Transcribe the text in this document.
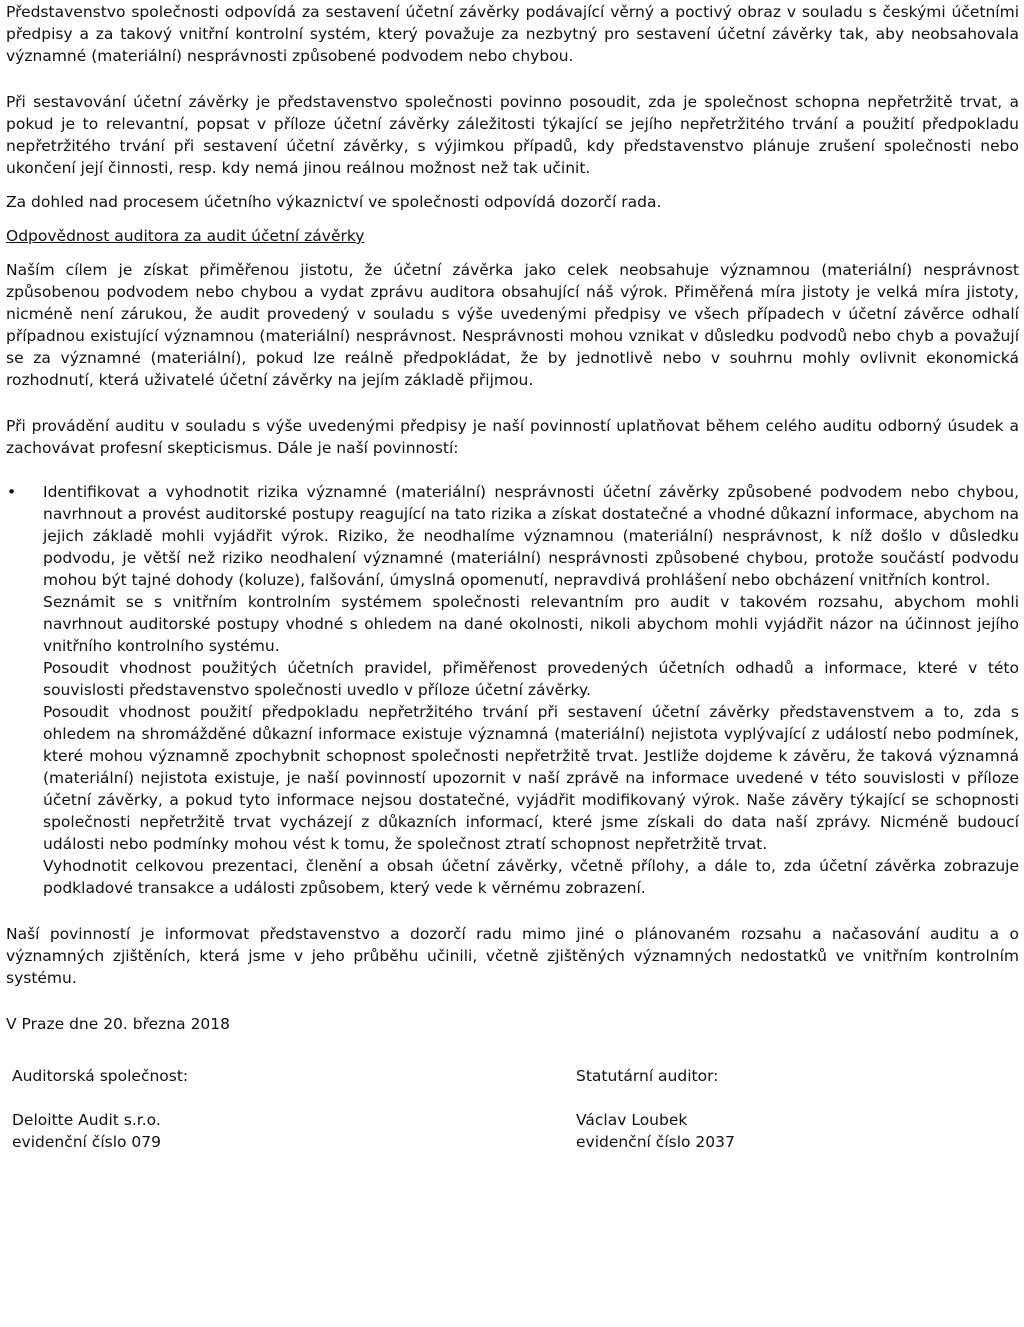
Představenstvo společnosti odpovídá za sestavení účetní závěrky podávající věrný a poctivý obraz v souladu s českými účetními předpisy a za takový vnitřní kontrolní systém, který považuje za nezbytný pro sestavení účetní závěrky tak, aby neobsahovala významné (materiální) nesprávnosti způsobené podvodem nebo chybou.

Při sestavování účetní závěrky je představenstvo společnosti povinno posoudit, zda je společnost schopna nepřetržitě trvat, a pokud je to relevantní, popsat v příloze účetní závěrky záležitosti týkající se jejího nepřetržitého trvání a použití předpokladu nepřetržitého trvání při sestavení účetní závěrky, s výjimkou případů, kdy představenstvo plánuje zrušení společnosti nebo ukončení její činnosti, resp. kdy nemá jinou reálnou možnost než tak učinit.

Za dohled nad procesem účetního výkaznictví ve společnosti odpovídá dozorčí rada.

Odpovědnost auditora za audit účetní závěrky

Naším cílem je získat přiměřenou jistotu, že účetní závěrka jako celek neobsahuje významnou (materiální) nesprávnost způsobenou podvodem nebo chybou a vydat zprávu auditora obsahující náš výrok. Přiměřená míra jistoty je velká míra jistoty, nicméně není zárukou, že audit provedený v souladu s výše uvedenými předpisy ve všech případech v účetní závěrce odhalí případnou existující významnou (materiální) nesprávnost. Nesprávnosti mohou vznikat v důsledku podvodů nebo chyb a považují se za významné (materiální), pokud lze reálně předpokládat, že by jednotlivě nebo v souhrnu mohly ovlivnit ekonomická rozhodnutí, která uživatelé účetní závěrky na jejím základě přijmou.

Při provádění auditu v souladu s výše uvedenými předpisy je naší povinností uplatňovat během celého auditu odborný úsudek a zachovávat profesní skepticismus. Dále je naší povinností:

• Identifikovat a vyhodnotit rizika významné (materiální) nesprávnosti účetní závěrky způsobené podvodem nebo chybou, navrhnout a provést auditorské postupy reagující na tato rizika a získat dostatečné a vhodné důkazní informace, abychom na jejich základě mohli vyjádřit výrok. Riziko, že neodhalíme významnou (materiální) nesprávnost, k níž došlo v důsledku podvodu, je větší než riziko neodhalení významné (materiální) nesprávnosti způsobené chybou, protože součástí podvodu mohou být tajné dohody (koluze), falšování, úmyslná opomenutí, nepravdivá prohlášení nebo obcházení vnitřních kontrol.
Seznámit se s vnitřním kontrolním systémem společnosti relevantním pro audit v takovém rozsahu, abychom mohli navrhnout auditorské postupy vhodné s ohledem na dané okolnosti, nikoli abychom mohli vyjádřit názor na účinnost jejího vnitřního kontrolního systému.
Posoudit vhodnost použitých účetních pravidel, přiměřenost provedených účetních odhadů a informace, které v této souvislosti představenstvo společnosti uvedlo v příloze účetní závěrky.
Posoudit vhodnost použití předpokladu nepřetržitého trvání při sestavení účetní závěrky představenstvem a to, zda s ohledem na shromážděné důkazní informace existuje významná (materiální) nejistota vyplývající z událostí nebo podmínek, které mohou významně zpochybnit schopnost společnosti nepřetržitě trvat. Jestliže dojdeme k závěru, že taková významná (materiální) nejistota existuje, je naší povinností upozornit v naší zprávě na informace uvedené v této souvislosti v příloze účetní závěrky, a pokud tyto informace nejsou dostatečné, vyjádřit modifikovaný výrok. Naše závěry týkající se schopnosti společnosti nepřetržitě trvat vycházejí z důkazních informací, které jsme získali do data naší zprávy. Nicméně budoucí události nebo podmínky mohou vést k tomu, že společnost ztratí schopnost nepřetržitě trvat.
Vyhodnotit celkovou prezentaci, členění a obsah účetní závěrky, včetně přílohy, a dále to, zda účetní závěrka zobrazuje podkladové transakce a události způsobem, který vede k věrnému zobrazení.

Naší povinností je informovat představenstvo a dozorčí radu mimo jiné o plánovaném rozsahu a načasování auditu a o významných zjištěních, která jsme v jeho průběhu učinili, včetně zjištěných významných nedostatků ve vnitřním kontrolním systému.

V Praze dne 20. března 2018

Auditorská společnost:
Deloitte Audit s.r.o.
evidenční číslo 079
Statutární auditor:
Václav Loubek
evidenční číslo 2037
